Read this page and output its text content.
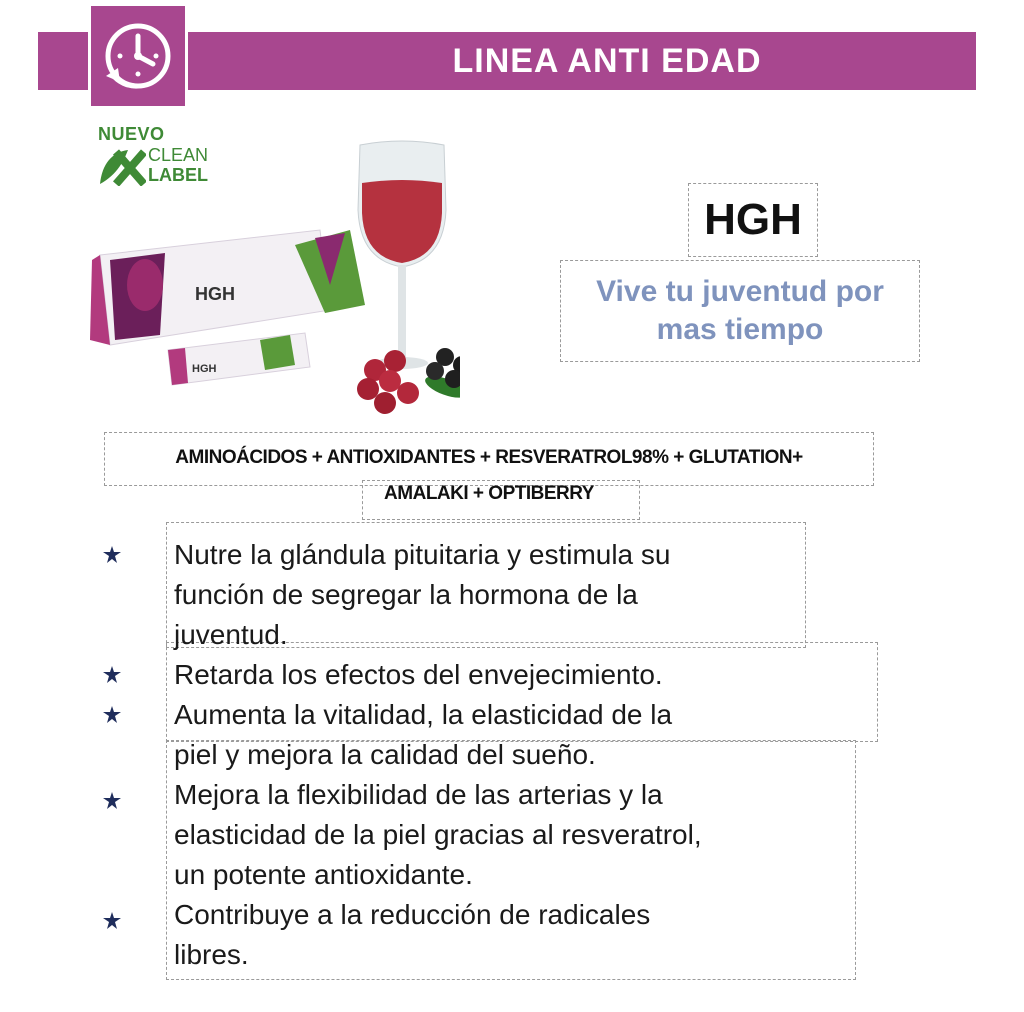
LINEA ANTI EDAD
NUEVO
CLEAN
LABEL
HGH
HGH
HGH
Vive tu juventud por
mas tiempo
AMINOÁCIDOS + ANTIOXIDANTES + RESVERATROL98% + GLUTATION+
AMALAKI + OPTIBERRY
Nutre la glándula pituitaria y estimula su
función de segregar la hormona de la
juventud.
Retarda los efectos del envejecimiento.
Aumenta la vitalidad, la elasticidad de la
piel y mejora la calidad del sueño.
Mejora la flexibilidad de las arterias y la
elasticidad de la piel gracias al resveratrol,
un potente antioxidante.
Contribuye a la reducción de radicales
libres.
